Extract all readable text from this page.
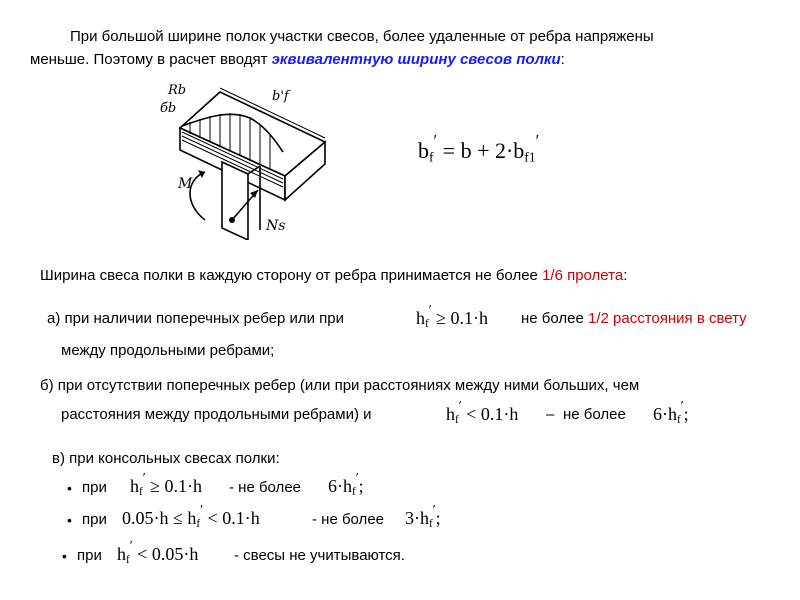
При большой ширине полок участки свесов, более удаленные от ребра напряжены
меньше. Поэтому в расчет вводят эквивалентную ширину свесов полки:
Rb
бb
b'f
M
Ns
$b_f' = b + 2\cdot b_{f1}'$
Ширина свеса полки в каждую сторону от ребра принимается не более 1/6 пролета:
а) при наличии поперечных ребер или при	$h_f' \ge 0.1\cdot h$ не более 1/2 расстояния в свету
между продольными ребрами;
б) при отсутствии поперечных ребер (или при расстояниях между ними больших, чем
расстояния между продольными ребрами) и	$h_f' < 0.1\cdot h$ – не более $6\cdot h_f'$;
в) при консольных свесах полки:
• при $h_f' \ge 0.1\cdot h$ - не более $6\cdot h_f'$;
• при $0.05\cdot h \le h_f' < 0.1\cdot h$	- не более $3\cdot h_f'$;
• при $h_f' < 0.05\cdot h$ - свесы не учитываются.
